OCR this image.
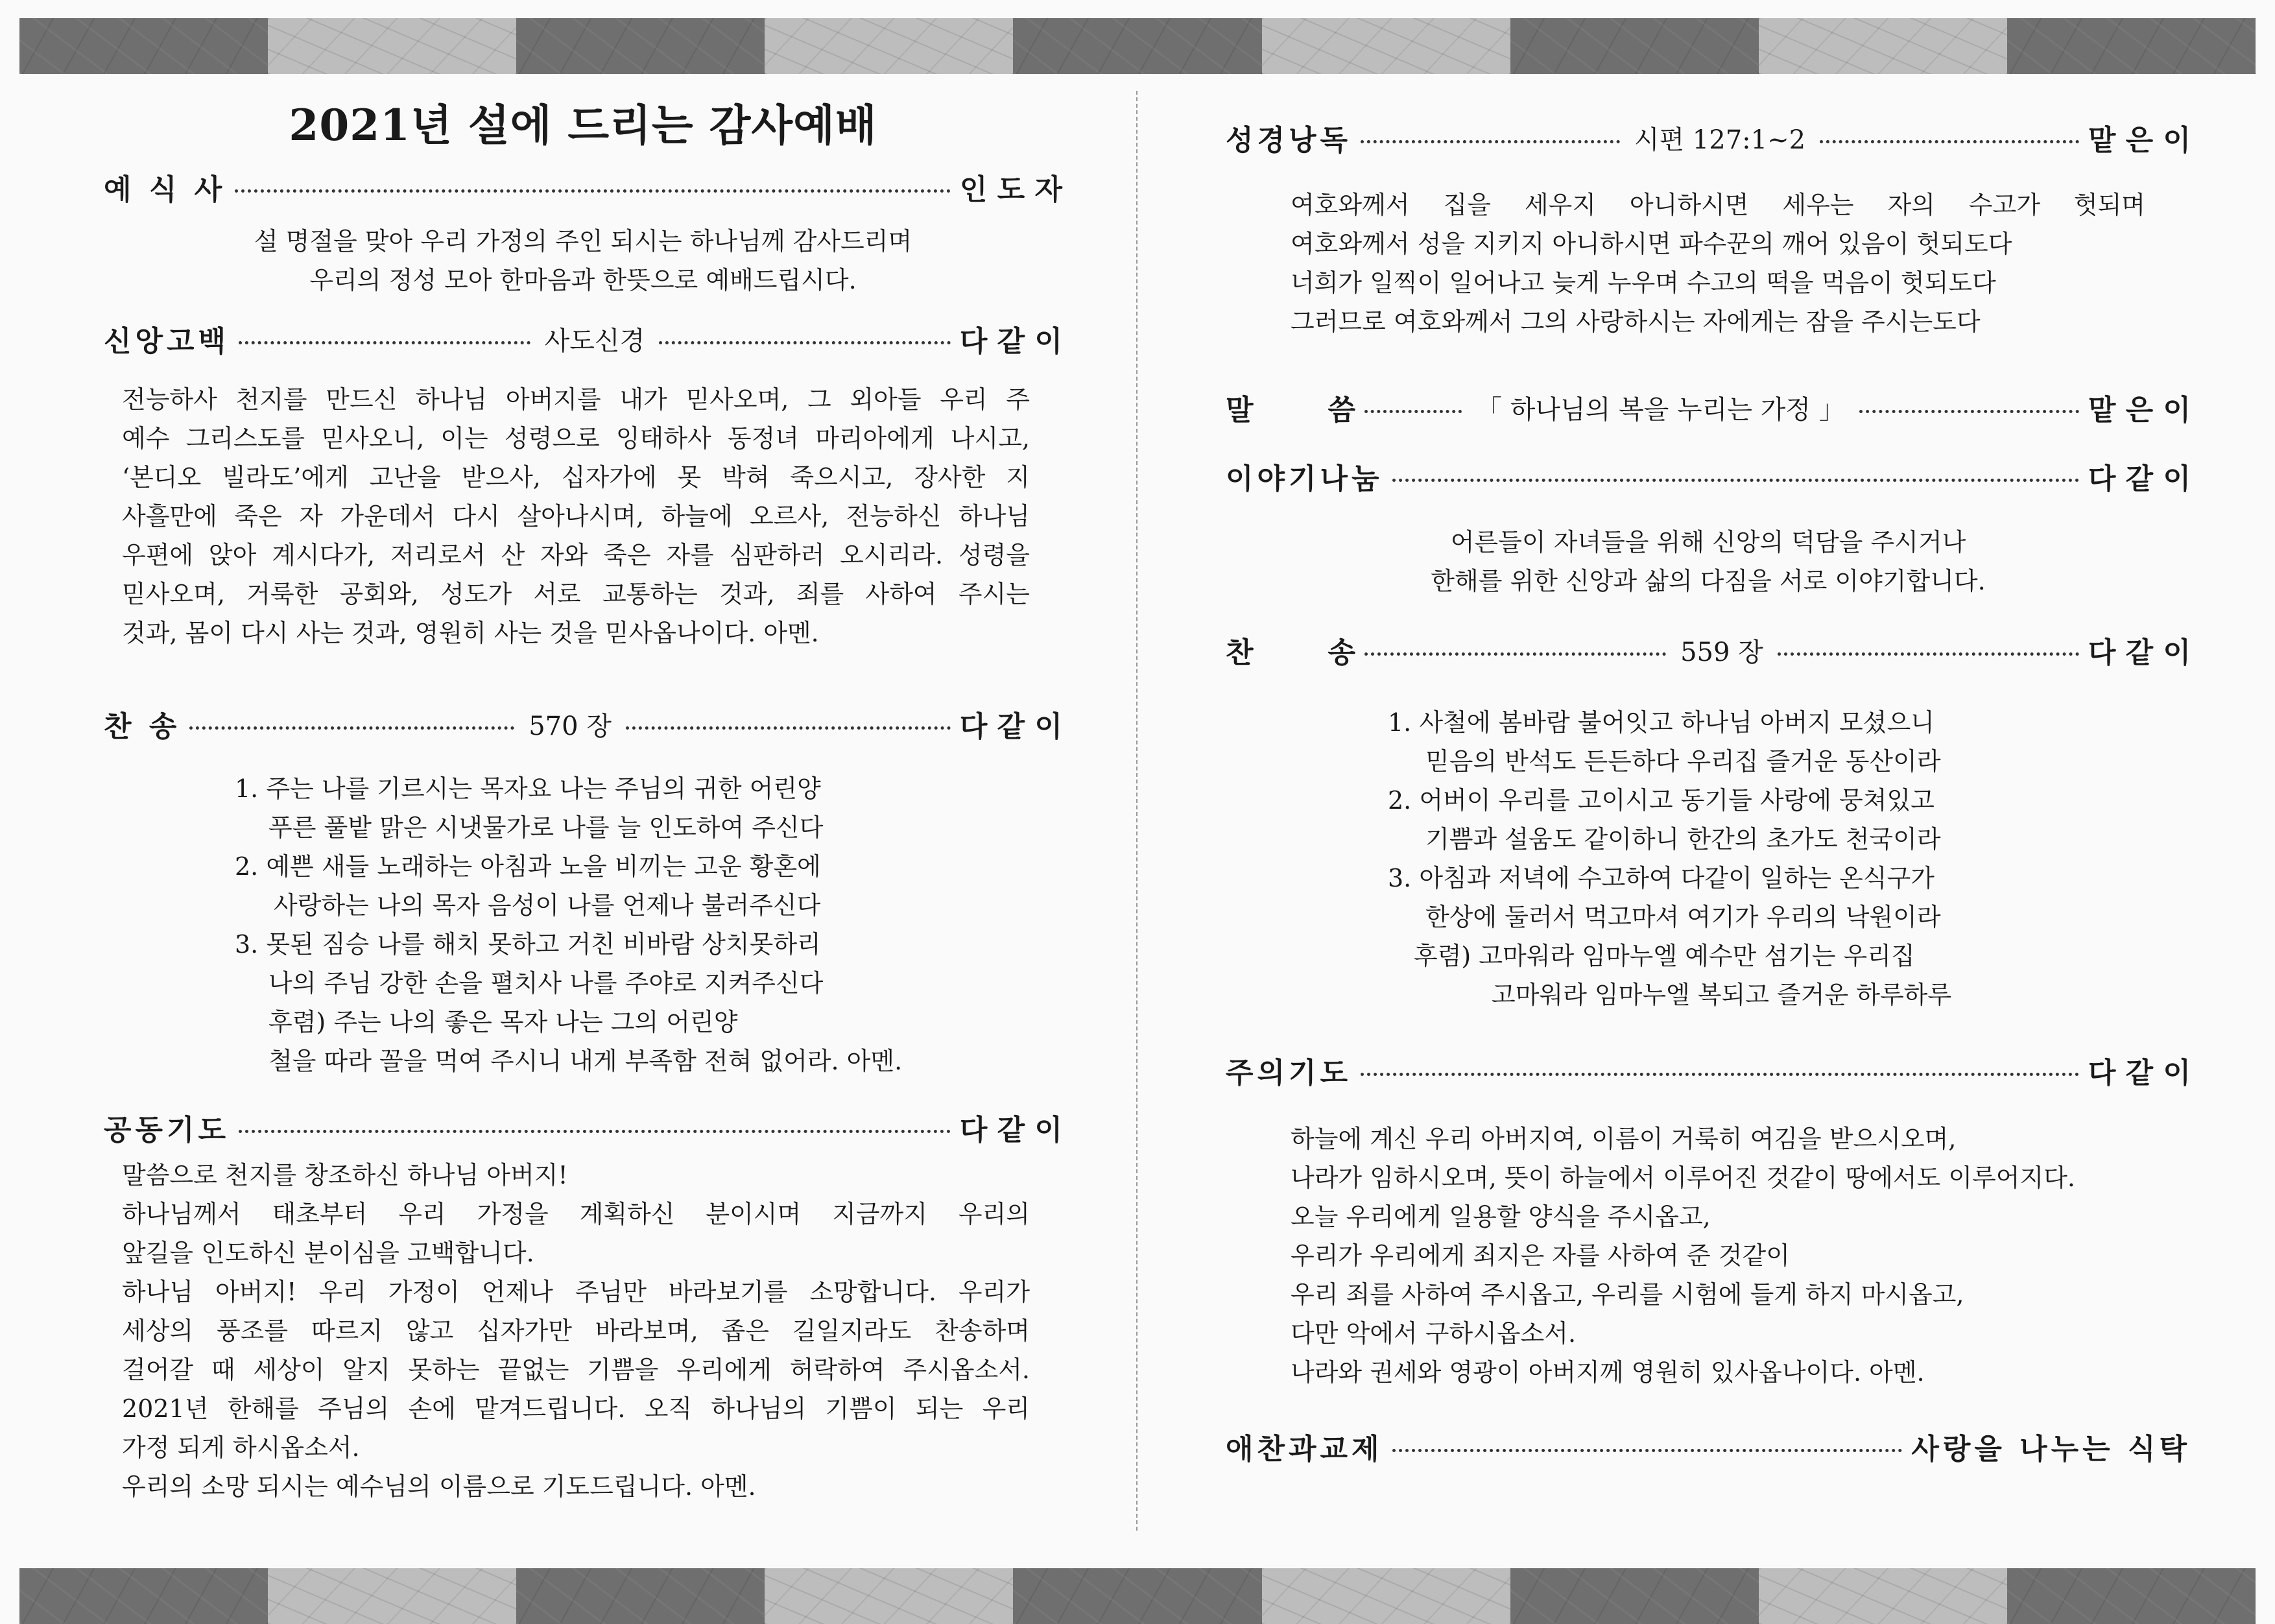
2021년 설에 드리는 감사예배
예 식 사	인 도 자
설 명절을 맞아 우리 가정의 주인 되시는 하나님께 감사드리며
우리의 정성 모아 한마음과 한뜻으로 예배드립시다.
신앙고백	사도신경	다 같 이
전능하사 천지를 만드신 하나님 아버지를 내가 믿사오며, 그 외아들 우리 주
예수 그리스도를 믿사오니, 이는 성령으로 잉태하사 동정녀 마리아에게 나시고,
‘본디오 빌라도’에게 고난을 받으사, 십자가에 못 박혀 죽으시고, 장사한 지
사흘만에 죽은 자 가운데서 다시 살아나시며, 하늘에 오르사, 전능하신 하나님
우편에 앉아 계시다가, 저리로서 산 자와 죽은 자를 심판하러 오시리라. 성령을
믿사오며, 거룩한 공회와, 성도가 서로 교통하는 것과, 죄를 사하여 주시는
것과, 몸이 다시 사는 것과, 영원히 사는 것을 믿사옵나이다. 아멘.
찬 송	570 장	다 같 이
1. 주는 나를 기르시는 목자요 나는 주님의 귀한 어린양
푸른 풀밭 맑은 시냇물가로 나를 늘 인도하여 주신다
2. 예쁜 새들 노래하는 아침과 노을 비끼는 고운 황혼에
사랑하는 나의 목자 음성이 나를 언제나 불러주신다
3. 못된 짐승 나를 해치 못하고 거친 비바람 상치못하리
나의 주님 강한 손을 펼치사 나를 주야로 지켜주신다
후렴) 주는 나의 좋은 목자 나는 그의 어린양
철을 따라 꼴을 먹여 주시니 내게 부족함 전혀 없어라. 아멘.
공동기도	다 같 이
말씀으로 천지를 창조하신 하나님 아버지!
하나님께서 태초부터 우리 가정을 계획하신 분이시며 지금까지 우리의
앞길을 인도하신 분이심을 고백합니다.
하나님 아버지! 우리 가정이 언제나 주님만 바라보기를 소망합니다. 우리가
세상의 풍조를 따르지 않고 십자가만 바라보며, 좁은 길일지라도 찬송하며
걸어갈 때 세상이 알지 못하는 끝없는 기쁨을 우리에게 허락하여 주시옵소서.
2021년 한해를 주님의 손에 맡겨드립니다. 오직 하나님의 기쁨이 되는 우리
가정 되게 하시옵소서.
우리의 소망 되시는 예수님의 이름으로 기도드립니다. 아멘.
성경낭독	시편 127:1~2	맡 은 이
여호와께서 집을 세우지 아니하시면 세우는 자의 수고가 헛되며
여호와께서 성을 지키지 아니하시면 파수꾼의 깨어 있음이 헛되도다
너희가 일찍이 일어나고 늦게 누우며 수고의 떡을 먹음이 헛되도다
그러므로 여호와께서 그의 사랑하시는 자에게는 잠을 주시는도다
말	씀	「 하나님의 복을 누리는 가정 」	맡 은 이
이야기나눔	다 같 이
어른들이 자녀들을 위해 신앙의 덕담을 주시거나
한해를 위한 신앙과 삶의 다짐을 서로 이야기합니다.
찬	송	559 장	다 같 이
1. 사철에 봄바람 불어잇고 하나님 아버지 모셨으니
믿음의 반석도 든든하다 우리집 즐거운 동산이라
2. 어버이 우리를 고이시고 동기들 사랑에 뭉쳐있고
기쁨과 설움도 같이하니 한간의 초가도 천국이라
3. 아침과 저녁에 수고하여 다같이 일하는 온식구가
한상에 둘러서 먹고마셔 여기가 우리의 낙원이라
후렴) 고마워라 임마누엘 예수만 섬기는 우리집
고마워라 임마누엘 복되고 즐거운 하루하루
주의기도	다 같 이
하늘에 계신 우리 아버지여, 이름이 거룩히 여김을 받으시오며,
나라가 임하시오며, 뜻이 하늘에서 이루어진 것같이 땅에서도 이루어지다.
오늘 우리에게 일용할 양식을 주시옵고,
우리가 우리에게 죄지은 자를 사하여 준 것같이
우리 죄를 사하여 주시옵고, 우리를 시험에 들게 하지 마시옵고,
다만 악에서 구하시옵소서.
나라와 권세와 영광이 아버지께 영원히 있사옵나이다. 아멘.
애찬과교제	사랑을 나누는 식탁
